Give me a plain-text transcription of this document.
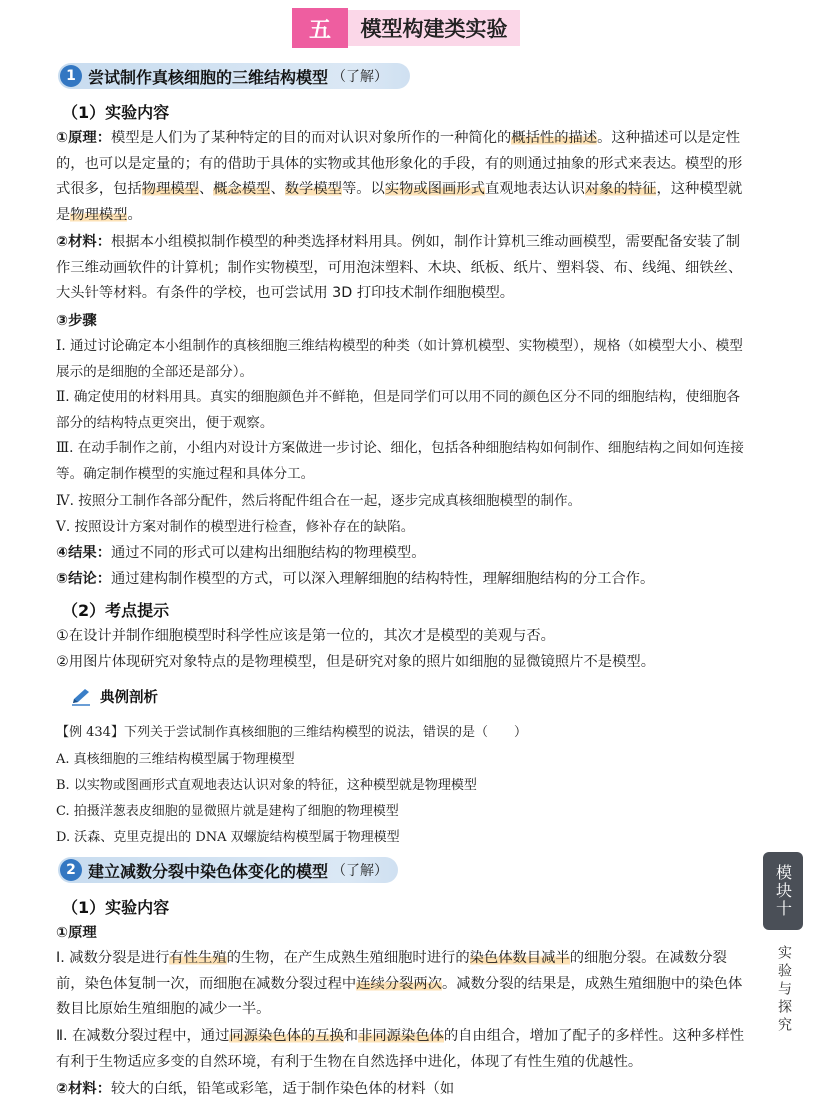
五	模型构建类实验
1 尝试制作真核细胞的三维结构模型 （了解）
（1）实验内容
①原理：模型是人们为了某种特定的目的而对认识对象所作的一种简化的概括性的描述。这种描述可以是定性的，也可以是定量的；有的借助于具体的实物或其他形象化的手段，有的则通过抽象的形式来表达。模型的形式很多，包括物理模型、概念模型、数学模型等。以实物或图画形式直观地表达认识对象的特征，这种模型就是物理模型。
②材料：根据本小组模拟制作模型的种类选择材料用具。例如，制作计算机三维动画模型，需要配备安装了制作三维动画软件的计算机；制作实物模型，可用泡沫塑料、木块、纸板、纸片、塑料袋、布、线绳、细铁丝、大头针等材料。有条件的学校，也可尝试用 3D 打印技术制作细胞模型。
③步骤
Ⅰ. 通过讨论确定本小组制作的真核细胞三维结构模型的种类（如计算机模型、实物模型），规格（如模型大小、模型展示的是细胞的全部还是部分）。
Ⅱ. 确定使用的材料用具。真实的细胞颜色并不鲜艳，但是同学们可以用不同的颜色区分不同的细胞结构，使细胞各部分的结构特点更突出，便于观察。
Ⅲ. 在动手制作之前，小组内对设计方案做进一步讨论、细化，包括各种细胞结构如何制作、细胞结构之间如何连接等。确定制作模型的实施过程和具体分工。
Ⅳ. 按照分工制作各部分配件，然后将配件组合在一起，逐步完成真核细胞模型的制作。
Ⅴ. 按照设计方案对制作的模型进行检查，修补存在的缺陷。
④结果：通过不同的形式可以建构出细胞结构的物理模型。
⑤结论：通过建构制作模型的方式，可以深入理解细胞的结构特性，理解细胞结构的分工合作。
（2）考点提示
①在设计并制作细胞模型时科学性应该是第一位的，其次才是模型的美观与否。
②用图片体现研究对象特点的是物理模型，但是研究对象的照片如细胞的显微镜照片不是模型。
典例剖析
【例 434】下列关于尝试制作真核细胞的三维结构模型的说法，错误的是（　　）
A. 真核细胞的三维结构模型属于物理模型
B. 以实物或图画形式直观地表达认识对象的特征，这种模型就是物理模型
C. 拍摄洋葱表皮细胞的显微照片就是建构了细胞的物理模型
D. 沃森、克里克提出的 DNA 双螺旋结构模型属于物理模型
2 建立减数分裂中染色体变化的模型 （了解）
（1）实验内容
①原理
Ⅰ. 减数分裂是进行有性生殖的生物，在产生成熟生殖细胞时进行的染色体数目减半的细胞分裂。在减数分裂前，染色体复制一次，而细胞在减数分裂过程中连续分裂两次。减数分裂的结果是，成熟生殖细胞中的染色体数目比原始生殖细胞的减少一半。
Ⅱ. 在减数分裂过程中，通过同源染色体的互换和非同源染色体的自由组合，增加了配子的多样性。这种多样性有利于生物适应多变的自然环境，有利于生物在自然选择中进化，体现了有性生殖的优越性。
②材料：较大的白纸，铅笔或彩笔，适于制作染色体的材料（如
模块十
实验与探究
